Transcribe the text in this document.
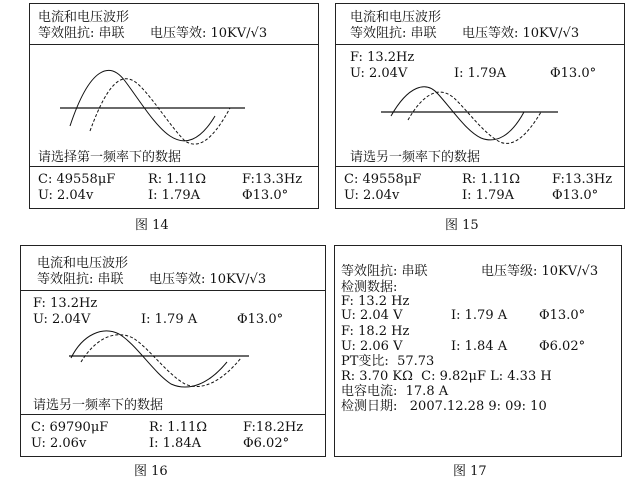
电流和电压波形
等效阻抗: 串联 电压等效: 10KV/√3
请选择第一频率下的数据
C: 49558μF	R: 1.11Ω	F:13.3Hz
U: 2.04v	I: 1.79A	Φ13.0°
图 14
电流和电压波形
等效阻抗: 串联 电压等效: 10KV/√3
F: 13.2Hz
U: 2.04V	I: 1.79A	Φ13.0°
请选另一频率下的数据
C: 49558μF	R: 1.11Ω F:13.3Hz
U: 2.04v	I: 1.79A	Φ13.0°
图 15
电流和电压波形
等效阻抗: 串联 电压等效: 10KV/√3
F: 13.2Hz
U: 2.04V	I: 1.79 A	Φ13.0°
请选另一频率下的数据
C: 69790μF	R: 1.11Ω	F:18.2Hz
U: 2.06v	I: 1.84A	Φ6.02°
图 16
等效阻抗: 串联	电压等级: 10KV/√3
检测数据:
F: 13.2 Hz
U: 2.04 V	I: 1.79 A Φ13.0°
F: 18.2 Hz
U: 2.06 V	I: 1.84 A Φ6.02°
PT变比:  57.73
R: 3.70 KΩ  C: 9.82μF L: 4.33 H
电容电流:  17.8 A
检测日期:   2007.12.28 9: 09: 10
图 17
